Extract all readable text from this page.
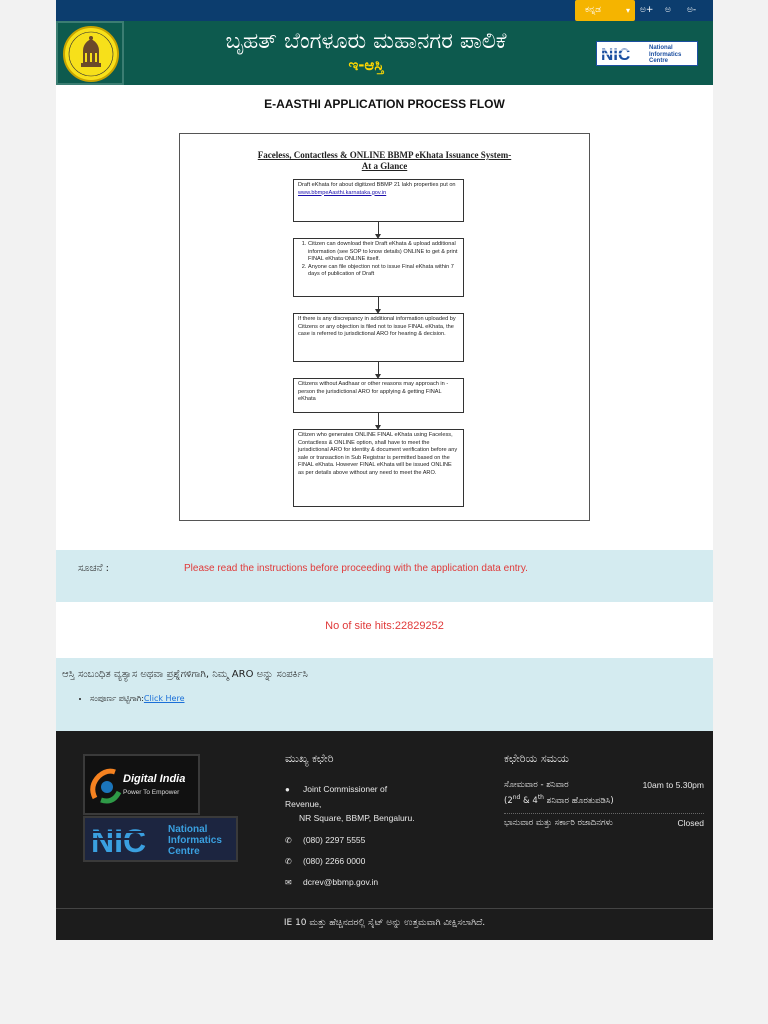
ಕನ್ನಡ	▾ ಅ+ ಅ ಅ-
ಬೃಹತ್ ಬೆಂಗಳೂರು ಮಹಾನಗರ ಪಾಲಿಕೆ
ಇ-ಆಸ್ತಿ
NIC	National Informatics Centre
E-AASTHI APPLICATION PROCESS FLOW
Faceless, Contactless & ONLINE BBMP eKhata Issuance System-
At a Glance
Draft eKhata for about digitized BBMP 21 lakh properties put on
www.bbmpeAasthi.karnataka.gov.in
1. Citizen can download their Draft eKhata & upload additional information (see SOP to know details) ONLINE to get & print FINAL eKhata ONLINE itself.
2. Anyone can file objection not to issue Final eKhata within 7 days of publication of Draft
If there is any discrepancy in additional information uploaded by Citizens or any objection is filed not to issue FINAL eKhata, the case is referred to jurisdictional ARO for hearing & decision.
Citizens without Aadhaar or other reasons may approach in - person the jurisdictional ARO for applying & getting FINAL eKhata
Citizen who generates ONLINE FINAL eKhata using Faceless, Contactless & ONLINE option, shall have to meet the jurisdictional ARO for identity & document verification before any sale or transaction in Sub Registrar is permitted based on the FINAL eKhata. However FINAL eKhata will be issued ONLINE as per details above without any need to meet the ARO.
ಸೂಚನೆ :	Please read the instructions before proceeding with the application data entry.
No of site hits:22829252
ಆಸ್ತಿ ಸಂಬಂಧಿತ ವ್ಯತ್ಯಾಸ ಅಥವಾ ಪ್ರಶ್ನೆಗಳಿಗಾಗಿ, ನಿಮ್ಮ ARO ಅನ್ನು ಸಂಪರ್ಕಿಸಿ
• ಸಂಪೂರ್ಣ ಪಟ್ಟಿಗಾಗಿ:Click Here
Digital India
Power To Empower
NIC National
Informatics
Centre
ಮುಖ್ಯ ಕಛೇರಿ
● Joint Commissioner of
Revenue,
NR Square, BBMP, Bengaluru.
✆ (080) 2297 5555
✆ (080) 2266 0000
✉ dcrev@bbmp.gov.in
ಕಛೇರಿಯ ಸಮಯ
ಸೋಮವಾರ - ಶನಿವಾರ	10am to 5.30pm
(2nd & 4th ಶನಿವಾರ ಹೊರತುಪಡಿಸಿ)
ಭಾನುವಾರ ಮತ್ತು ಸರ್ಕಾರಿ ರಜಾದಿನಗಳು	Closed
IE 10 ಮತ್ತು ಹೆಚ್ಚಿನದರಲ್ಲಿ ಸೈಟ್ ಅನ್ನು ಉತ್ತಮವಾಗಿ ವೀಕ್ಷಿಸಲಾಗಿದೆ.
